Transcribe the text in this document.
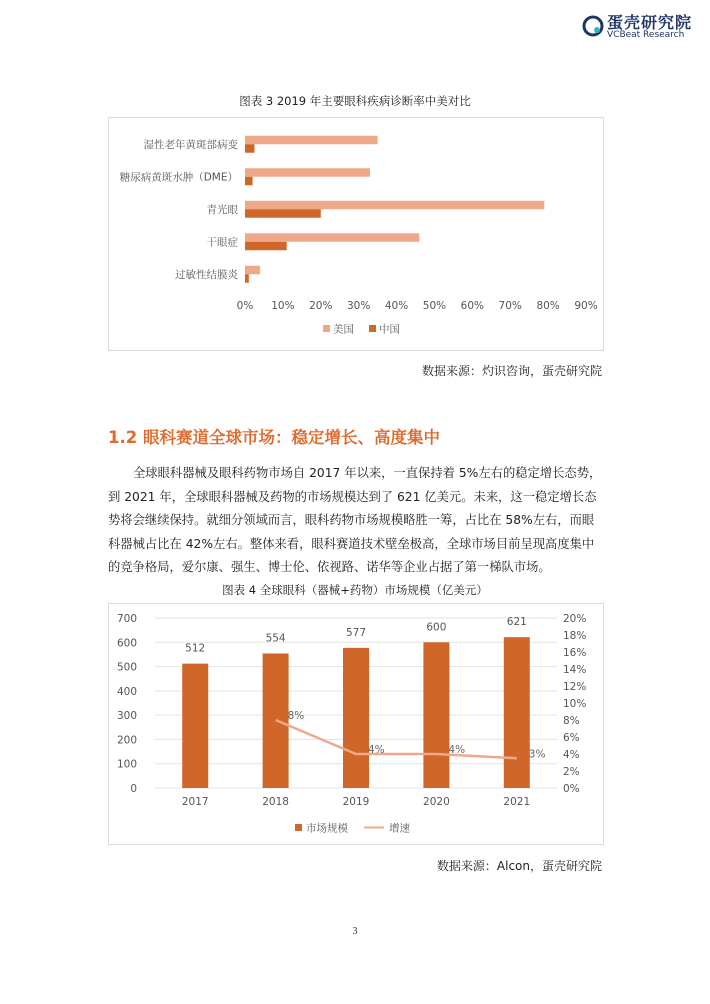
蛋壳研究院
VCBeat Research
图表 3 2019 年主要眼科疾病诊断率中美对比
湿性老年黄斑部病变
糖尿病黄斑水肿（DME）
青光眼
干眼症
过敏性结膜炎
0% 10% 20% 30% 40% 50% 60% 70% 80% 90%
美国 中国
数据来源：灼识咨询，蛋壳研究院
1.2 眼科赛道全球市场：稳定增长、高度集中
全球眼科器械及眼科药物市场自 2017 年以来，一直保持着 5%左右的稳定增长态势，
到 2021 年，全球眼科器械及药物的市场规模达到了 621 亿美元。未来，这一稳定增长态
势将会继续保持。就细分领域而言，眼科药物市场规模略胜一筹，占比在 58%左右，而眼
科器械占比在 42%左右。整体来看，眼科赛道技术壁垒极高，全球市场目前呈现高度集中
的竞争格局，爱尔康、强生、博士伦、依视路、诺华等企业占据了第一梯队市场。
图表 4 全球眼科（器械+药物）市场规模（亿美元）
0
100
200
300
400
500
600
700
0%
2%
4%
6%
8%
10%
12%
14%
16%
18%
20%
512
2017
554
2018
577
2019
600
2020
621
2021
8%
4%	4%	3%
市场规模	增速
数据来源：Alcon，蛋壳研究院
3
